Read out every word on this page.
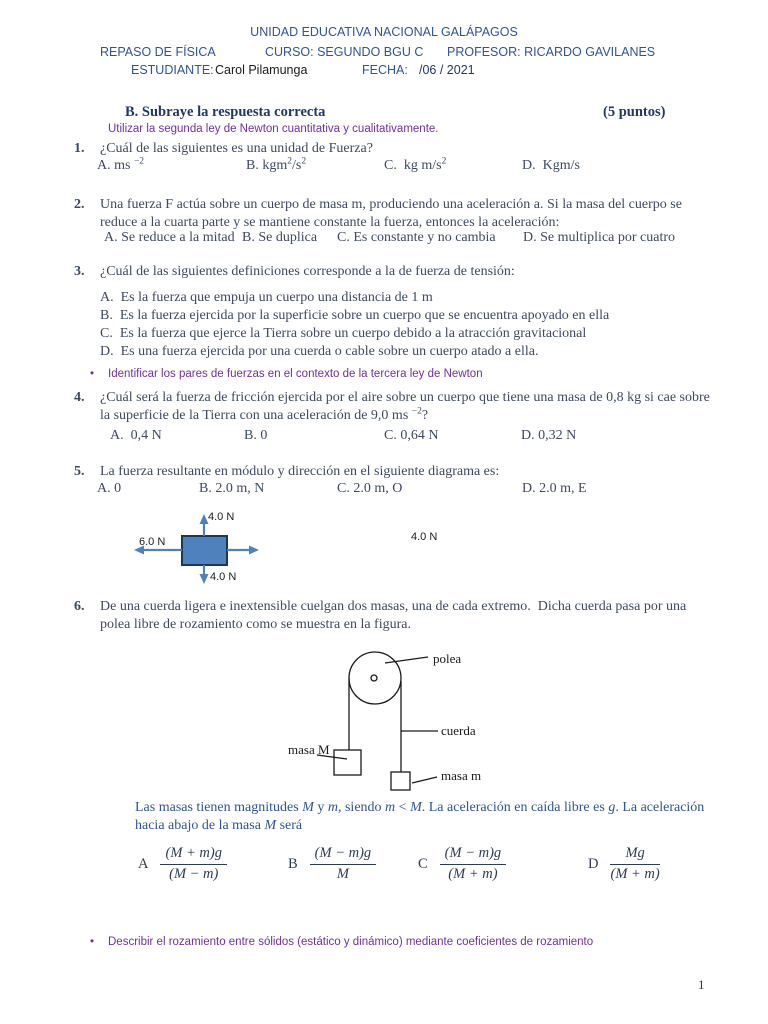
UNIDAD EDUCATIVA NACIONAL GALÁPAGOS
REPASO DE FÍSICA	CURSO: SEGUNDO BGU C PROFESOR: RICARDO GAVILANES
ESTUDIANTE: Carol Pilamunga	FECHA: /06 / 2021
B. Subraye la respuesta correcta	(5 puntos)
Utilizar la segunda ley de Newton cuantitativa y cualitativamente.
1.	¿Cuál de las siguientes es una unidad de Fuerza?
A. ms $^{-2}$	B. $kgm^2/s^2$	C.  kg $m/s^2$	D.  Kgm/s
2.	Una fuerza F actúa sobre un cuerpo de masa m, produciendo una aceleración a. Si la masa del cuerpo se reduce a la cuarta parte y se mantiene constante la fuerza, entonces la aceleración:
A. Se reduce a la mitad B. Se duplica C. Es constante y no cambia D. Se multiplica por cuatro
3.	¿Cuál de las siguientes definiciones corresponde a la de fuerza de tensión:
A.  Es la fuerza que empuja un cuerpo una distancia de 1 m
B.  Es la fuerza ejercida por la superficie sobre un cuerpo que se encuentra apoyado en ella
C.  Es la fuerza que ejerce la Tierra sobre un cuerpo debido a la atracción gravitacional
D.  Es una fuerza ejercida por una cuerda o cable sobre un cuerpo atado a ella.
• Identificar los pares de fuerzas en el contexto de la tercera ley de Newton
4.	¿Cuál será la fuerza de fricción ejercida por el aire sobre un cuerpo que tiene una masa de 0,8 kg si cae sobre la superficie de la Tierra con una aceleración de 9,0 ms $^{-2}$?
A.  0,4 N	B. 0	C. 0,64 N	D. 0,32 N
5.	La fuerza resultante en módulo y dirección en el siguiente diagrama es:
A. 0	B. 2.0 m, N	C. 2.0 m, O	D. 2.0 m, E
4.0 N
6.0 N
4.0 N
4.0 N
6.	De una cuerda ligera e inextensible cuelgan dos masas, una de cada extremo.  Dicha cuerda pasa por una polea libre de rozamiento como se muestra en la figura.
polea
cuerda
masa M
masa m
Las masas tienen magnitudes M y m, siendo m < M. La aceleración en caída libre es g. La aceleración hacia abajo de la masa M será
A $\frac{(M + m)g}{(M - m)}$	B $\frac{(M - m)g}{M}$	C $\frac{(M - m)g}{(M + m)}$	D $\frac{Mg}{(M + m)}$
• Describir el rozamiento entre sólidos (estático y dinámico) mediante coeficientes de rozamiento
1
